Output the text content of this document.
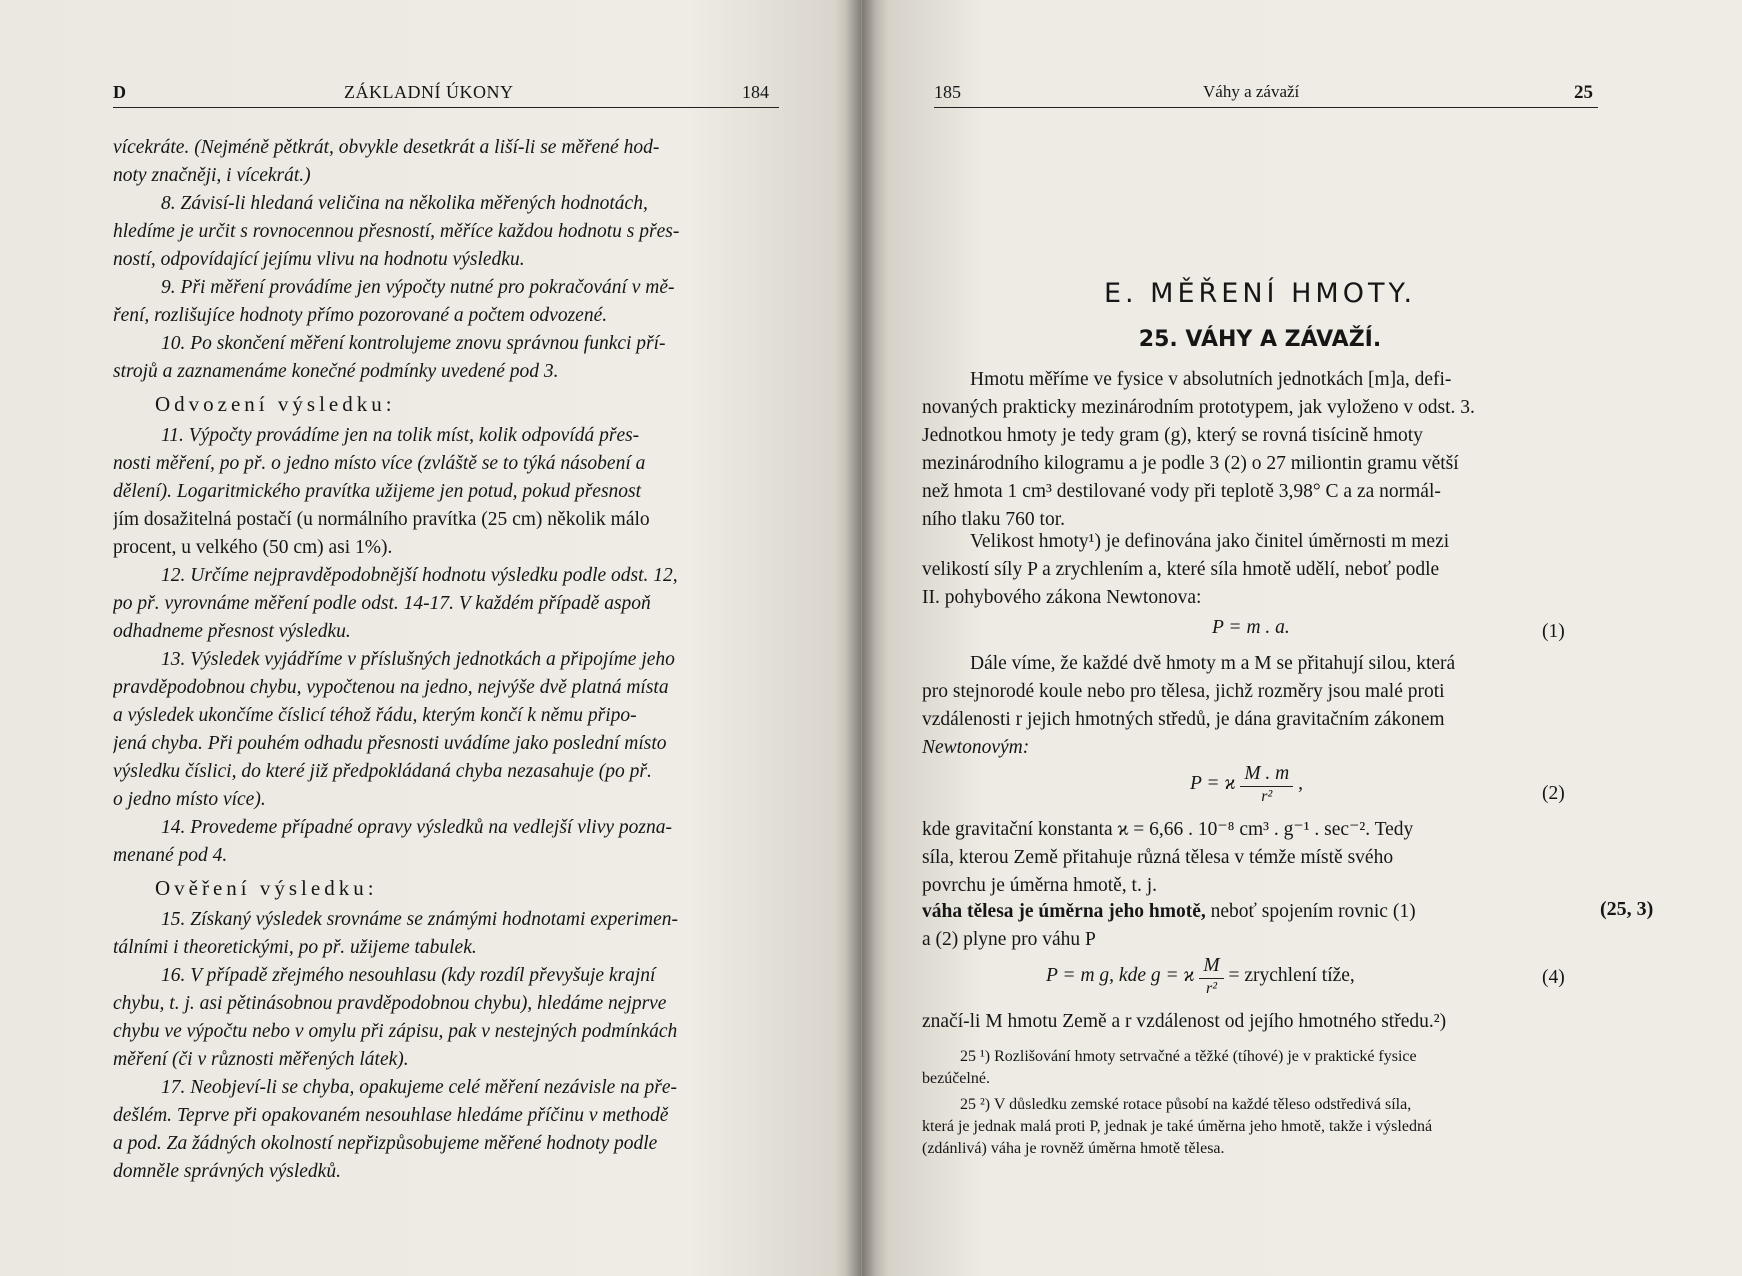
D	ZÁKLADNÍ ÚKONY	184
vícekráte. (Nejméně pětkrát, obvykle desetkrát a liší-li se měřené hod-
noty značněji, i vícekrát.)
8. Závisí-li hledaná veličina na několika měřených hodnotách,
hledíme je určit s rovnocennou přesností, měříce každou hodnotu s přes-
ností, odpovídající jejímu vlivu na hodnotu výsledku.
9. Při měření provádíme jen výpočty nutné pro pokračování v mě-
ření, rozlišujíce hodnoty přímo pozorované a počtem odvozené.
10. Po skončení měření kontrolujeme znovu správnou funkci pří-
strojů a zaznamenáme konečné podmínky uvedené pod 3.
Odvození výsledku:
11. Výpočty provádíme jen na tolik míst, kolik odpovídá přes-
nosti měření, po př. o jedno místo více (zvláště se to týká násobení a
dělení). Logaritmického pravítka užijeme jen potud, pokud přesnost
jím dosažitelná postačí (u normálního pravítka (25 cm) několik málo
procent, u velkého (50 cm) asi 1%).
12. Určíme nejpravděpodobnější hodnotu výsledku podle odst. 12,
po př. vyrovnáme měření podle odst. 14-17. V každém případě aspoň
odhadneme přesnost výsledku.
13. Výsledek vyjádříme v příslušných jednotkách a připojíme jeho
pravděpodobnou chybu, vypočtenou na jedno, nejvýše dvě platná místa
a výsledek ukončíme číslicí téhož řádu, kterým končí k němu připo-
jená chyba. Při pouhém odhadu přesnosti uvádíme jako poslední místo
výsledku číslici, do které již předpokládaná chyba nezasahuje (po př.
o jedno místo více).
14. Provedeme případné opravy výsledků na vedlejší vlivy pozna-
menané pod 4.
Ověření výsledku:
15. Získaný výsledek srovnáme se známými hodnotami experimen-
tálními i theoretickými, po př. užijeme tabulek.
16. V případě zřejmého nesouhlasu (kdy rozdíl převyšuje krajní
chybu, t. j. asi pětinásobnou pravděpodobnou chybu), hledáme nejprve
chybu ve výpočtu nebo v omylu při zápisu, pak v nestejných podmínkách
měření (či v různosti měřených látek).
17. Neobjeví-li se chyba, opakujeme celé měření nezávisle na pře-
dešlém. Teprve při opakovaném nesouhlase hledáme příčinu v methodě
a pod. Za žádných okolností nepřizpůsobujeme měřené hodnoty podle
domněle správných výsledků.
185	Váhy a závaží	25
E. MĚŘENÍ HMOTY.
25. VÁHY A ZÁVAŽÍ.
Hmotu měříme ve fysice v absolutních jednotkách [m]a, defi-
novaných prakticky mezinárodním prototypem, jak vyloženo v odst. 3.
Jednotkou hmoty je tedy gram (g), který se rovná tisícině hmoty
mezinárodního kilogramu a je podle 3 (2) o 27 miliontin gramu větší
než hmota 1 cm³ destilované vody při teplotě 3,98° C a za normál-
ního tlaku 760 tor.
Velikost hmoty¹) je definována jako činitel úměrnosti m mezi
velikostí síly P a zrychlením a, které síla hmotě udělí, neboť podle
II. pohybového zákona Newtonova:
P = m . a.	(1)
Dále víme, že každé dvě hmoty m a M se přitahují silou, která
pro stejnorodé koule nebo pro tělesa, jichž rozměry jsou malé proti
vzdálenosti r jejich hmotných středů, je dána gravitačním zákonem
Newtonovým:
P = ϰ $\frac{M . m}{\text{r²}}$ ,	(2)
kde gravitační konstanta ϰ = 6,66 . 10⁻⁸ cm³ . g⁻¹ . sec⁻². Tedy
síla, kterou Země přitahuje různá tělesa v témže místě svého
povrchu je úměrna hmotě, t. j.
váha tělesa je úměrna jeho hmotě, neboť spojením rovnic (1)
a (2) plyne pro váhu P
P = m g, kde g = ϰ $\frac{M}{\text{r²}}$ = zrychlení tíže,	(4)
značí-li M hmotu Země a r vzdálenost od jejího hmotného středu.²)
25 ¹) Rozlišování hmoty setrvačné a těžké (tíhové) je v praktické fysice
bezúčelné.
25 ²) V důsledku zemské rotace působí na každé těleso odstředivá síla,
která je jednak malá proti P, jednak je také úměrna jeho hmotě, takže i výsledná
(zdánlivá) váha je rovněž úměrna hmotě tělesa.
(25, 3)
